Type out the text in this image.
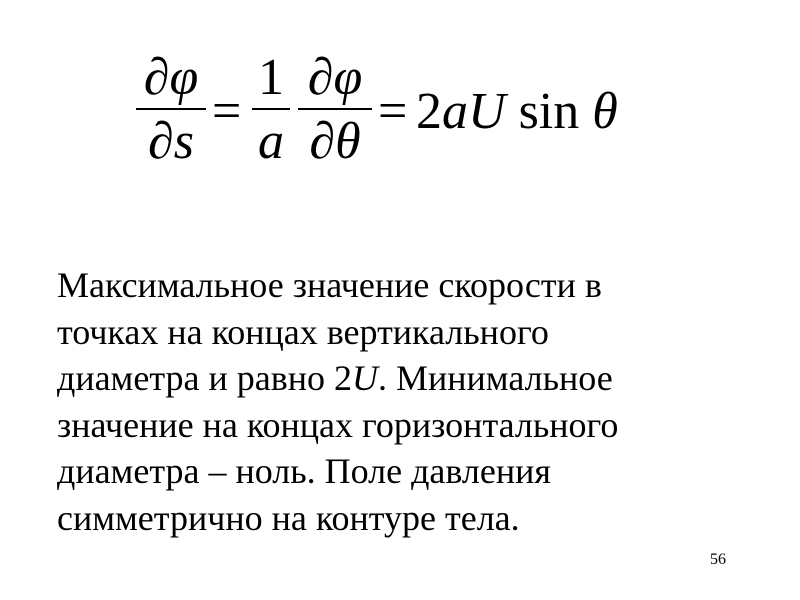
∂φ
∂s
=
1
a
∂φ
∂θ
= 2aU sin θ
Максимальное значение скорости в
точках на концах вертикального
диаметра и равно 2U. Минимальное
значение на концах горизонтального
диаметра – ноль. Поле давления
симметрично на контуре тела.
56
